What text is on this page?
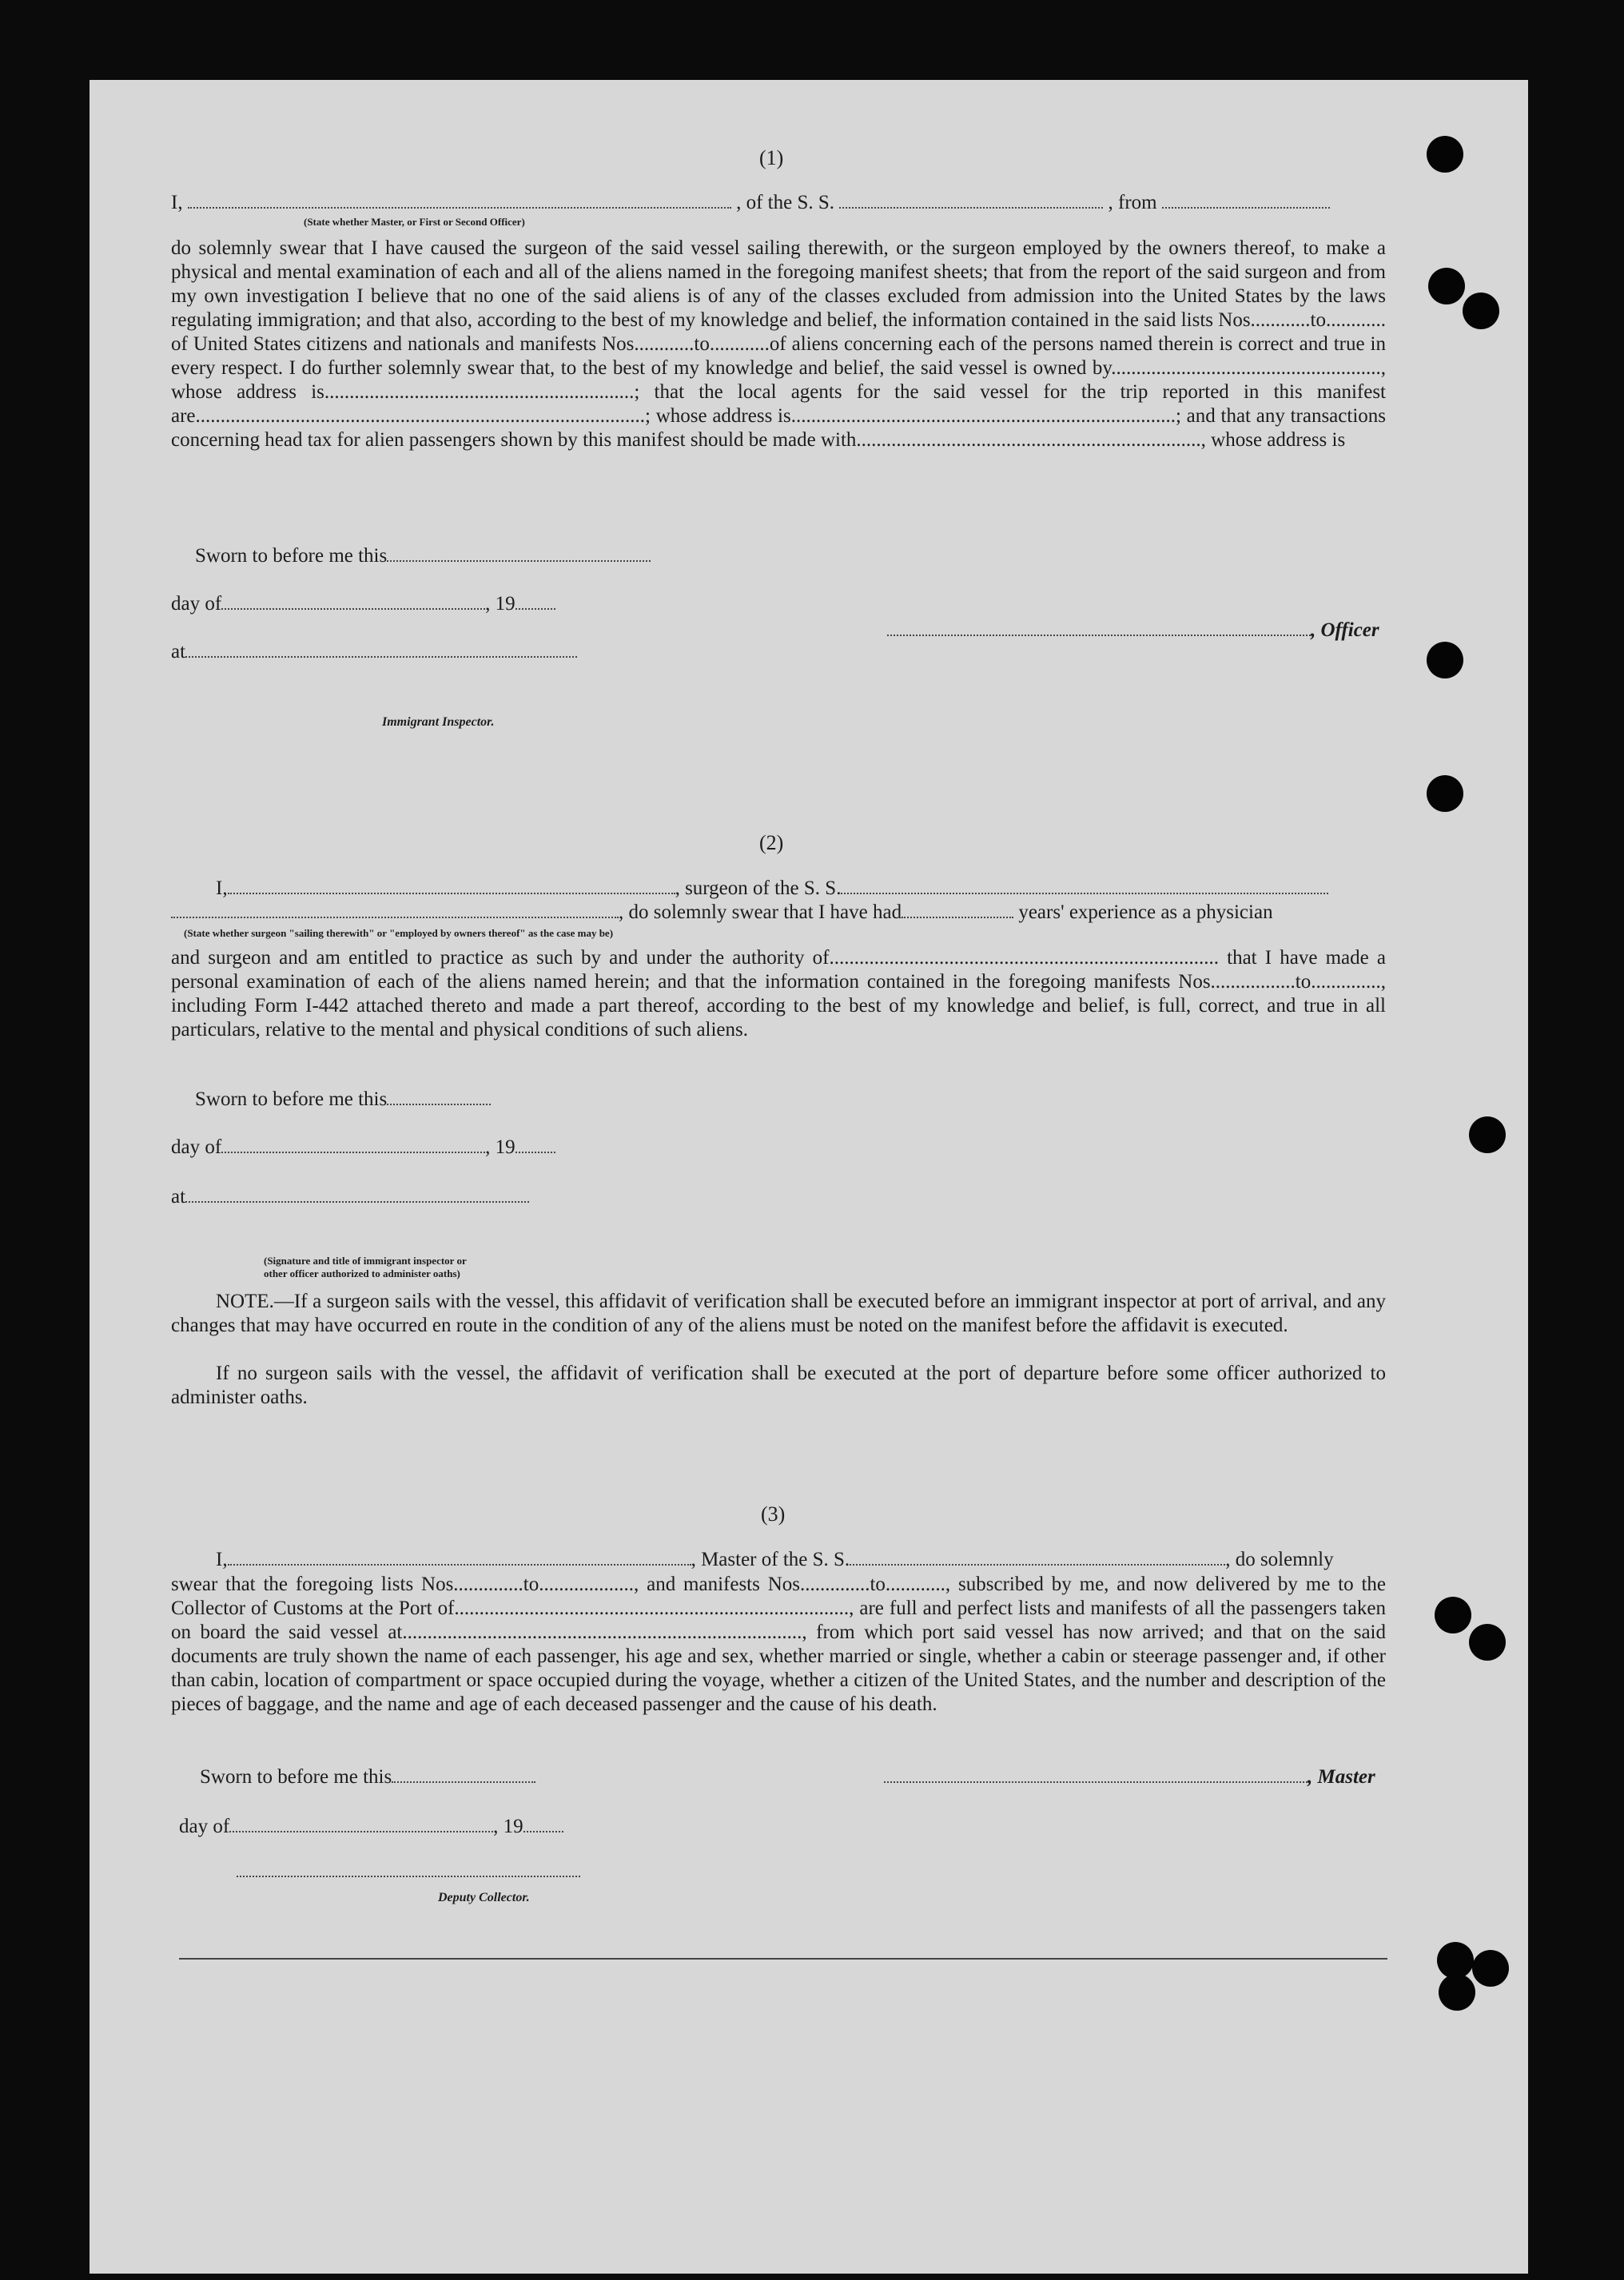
(1)
I,	, of the S. S.	, from
(State whether Master, or First or Second Officer)
do solemnly swear that I have caused the surgeon of the said vessel sailing therewith, or the surgeon employed by the owners thereof, to make a physical and mental examination of each and all of the aliens named in the foregoing manifest sheets; that from the report of the said surgeon and from my own investigation I believe that no one of the said aliens is of any of the classes excluded from admission into the United States by the laws regulating immigration; and that also, according to the best of my knowledge and belief, the information contained in the said lists Nos............to............ of United States citizens and nationals and manifests Nos............to............of aliens concerning each of the persons named therein is correct and true in every respect. I do further solemnly swear that, to the best of my knowledge and belief, the said vessel is owned by......................................................, whose address is..............................................................; that the local agents for the said vessel for the trip reported in this manifest are..........................................................................................; whose address is.............................................................................; and that any transactions concerning head tax for alien passengers shown by this manifest should be made with....................................................................., whose address is
Sworn to before me this
day of	, 19
at
, Officer
Immigrant Inspector.
(2)
I,	, surgeon of the S. S.
, do solemnly swear that I have had	years' experience as a physician
(State whether surgeon "sailing therewith" or "employed by owners thereof" as the case may be)
and surgeon and am entitled to practice as such by and under the authority of.............................................................................. that I have made a personal examination of each of the aliens named herein; and that the information contained in the foregoing manifests Nos.................to.............., including Form I-442 attached thereto and made a part thereof, according to the best of my knowledge and belief, is full, correct, and true in all particulars, relative to the mental and physical conditions of such aliens.
Sworn to before me this
day of	, 19
at
(Signature and title of immigrant inspector or
other officer authorized to administer oaths)
NOTE.—If a surgeon sails with the vessel, this affidavit of verification shall be executed before an immigrant inspector at port of arrival, and any changes that may have occurred en route in the condition of any of the aliens must be noted on the manifest before the affidavit is executed.
If no surgeon sails with the vessel, the affidavit of verification shall be executed at the port of departure before some officer authorized to administer oaths.
(3)
I,	, Master of the S. S.	, do solemnly
swear that the foregoing lists Nos..............to..................., and manifests Nos..............to............, subscribed by me, and now delivered by me to the Collector of Customs at the Port of..............................................................................., are full and perfect lists and manifests of all the passengers taken on board the said vessel at................................................................................, from which port said vessel has now arrived; and that on the said documents are truly shown the name of each passenger, his age and sex, whether married or single, whether a cabin or steerage passenger and, if other than cabin, location of compartment or space occupied during the voyage, whether a citizen of the United States, and the number and description of the pieces of baggage, and the name and age of each deceased passenger and the cause of his death.
Sworn to before me this	, Master
day of	, 19
Deputy Collector.
